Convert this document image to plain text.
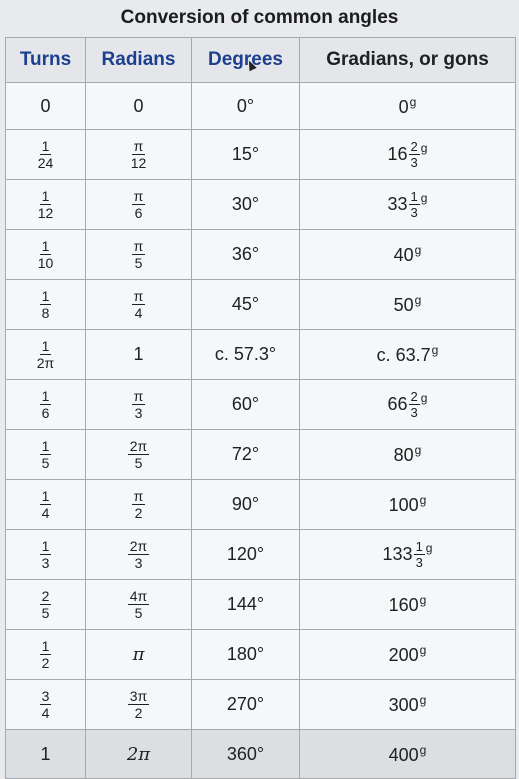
Conversion of common angles
Turns	Radians	Degrees	Gradians, or gons
0	0	0°	0$^g$

$\frac{1}{24}$	$\frac{\pi}{12}$	15°	$16 \frac{2}{3} ^g$

$\frac{1}{12}$	$\frac{\pi}{6}$	30°	$33 \frac{1}{3} ^g$

$\frac{1}{10}$	$\frac{\pi}{5}$	36°	40$^g$

$\frac{1}{8}$	$\frac{\pi}{4}$	45°	50$^g$

$\frac{1}{2\pi}$	1	c. 57.3°	c. 63.7$^g$

$\frac{1}{6}$	$\frac{\pi}{3}$	60°	$66 \frac{2}{3} ^g$

$\frac{1}{5}$	$\frac{2\pi}{5}$	72°	80$^g$

$\frac{1}{4}$	$\frac{\pi}{2}$	90°	100$^g$

$\frac{1}{3}$	$\frac{2\pi}{3}$	120°	$133 \frac{1}{3} ^g$

$\frac{2}{5}$	$\frac{4\pi}{5}$	144°	160$^g$

$\frac{1}{2}$	π	180°	200$^g$

$\frac{3}{4}$	$\frac{3\pi}{2}$	270°	300$^g$
1	2π	360°	400$^g$
